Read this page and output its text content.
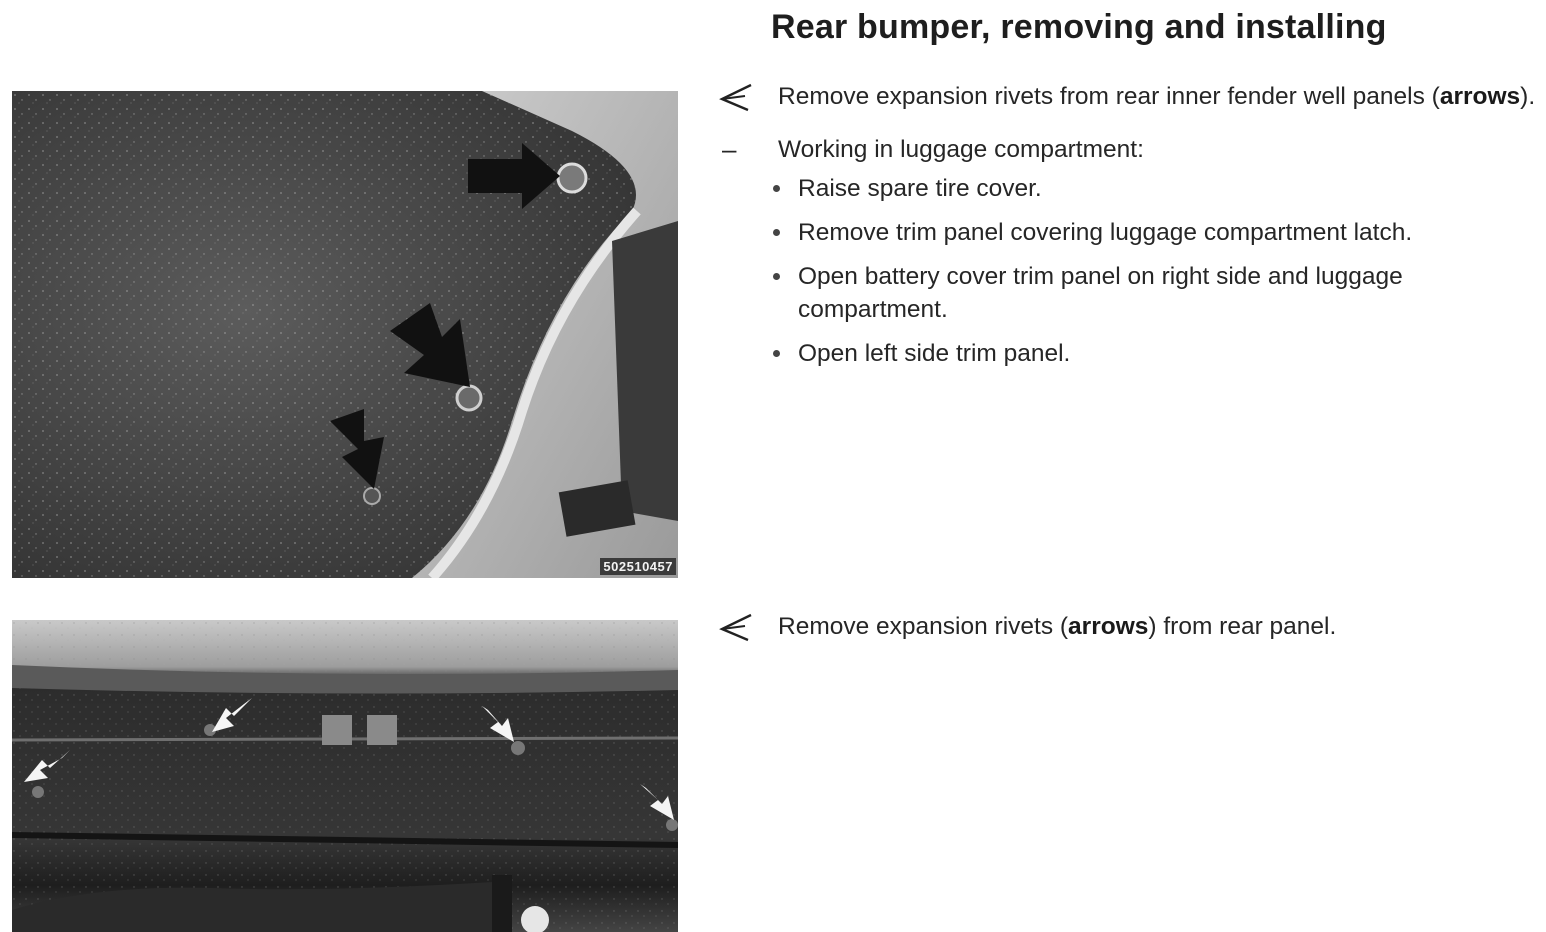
Rear bumper, removing and installing
502510457
Remove expansion rivets from rear inner fender well panels (arrows).
– Working in luggage compartment:
Raise spare tire cover.
Remove trim panel covering luggage compartment latch.
Open battery cover trim panel on right side and luggage compartment.
Open left side trim panel.
Remove expansion rivets (arrows) from rear panel.
